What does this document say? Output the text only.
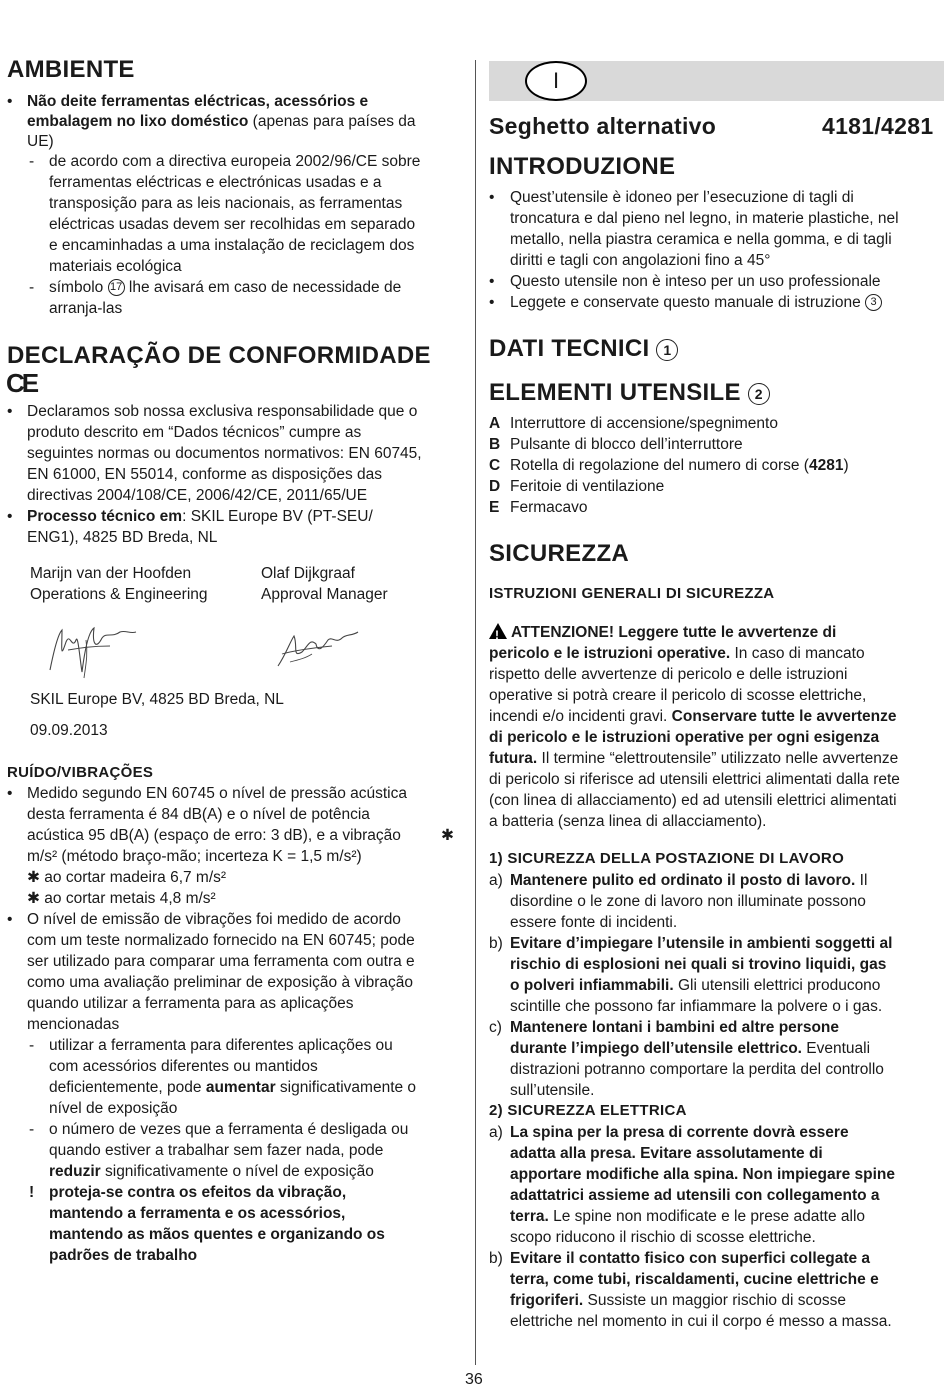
AMBIENTE
• Não deite ferramentas eléctricas, acessórios e
embalagem no lixo doméstico (apenas para países da
UE)
- de acordo com a directiva europeia 2002/96/CE sobre
ferramentas eléctricas e electrónicas usadas e a
transposição para as leis nacionais, as ferramentas
eléctricas usadas devem ser recolhidas em separado
e encaminhadas a uma instalação de reciclagem dos
materiais ecológica
- símbolo 17 lhe avisará em caso de necessidade de
arranja-las
DECLARAÇÃO DE CONFORMIDADE
CE
• Declaramos sob nossa exclusiva responsabilidade que o
produto descrito em “Dados técnicos” cumpre as
seguintes normas ou documentos normativos: EN 60745,
EN 61000, EN 55014, conforme as disposições das
directivas 2004/108/CE, 2006/42/CE, 2011/65/UE
• Processo técnico em: SKIL Europe BV (PT-SEU/
ENG1), 4825 BD Breda, NL
Marijn van der Hoofden
Operations & Engineering
Olaf Dijkgraaf
Approval Manager
SKIL Europe BV, 4825 BD Breda, NL
09.09.2013
RUÍDO/VIBRAÇÕES
• Medido segundo EN 60745 o nível de pressão acústica
desta ferramenta é 84 dB(A) e o nível de potência
acústica 95 dB(A) (espaço de erro: 3 dB), e a vibração	✱
m/s² (método braço-mão; incerteza K = 1,5 m/s²)
✱ ao cortar madeira 6,7 m/s²
✱ ao cortar metais 4,8 m/s²
• O nível de emissão de vibrações foi medido de acordo
com um teste normalizado fornecido na EN 60745; pode
ser utilizado para comparar uma ferramenta com outra e
como uma avaliação preliminar de exposição à vibração
quando utilizar a ferramenta para as aplicações
mencionadas
- utilizar a ferramenta para diferentes aplicações ou
com acessórios diferentes ou mantidos
deficientemente, pode aumentar significativamente o
nível de exposição
- o número de vezes que a ferramenta é desligada ou
quando estiver a trabalhar sem fazer nada, pode
reduzir significativamente o nível de exposição
! proteja-se contra os efeitos da vibração,
mantendo a ferramenta e os acessórios,
mantendo as mãos quentes e organizando os
padrões de trabalho
I
Seghetto alternativo	4181/4281
INTRODUZIONE
• Quest’utensile è idoneo per l’esecuzione di tagli di
troncatura e dal pieno nel legno, in materie plastiche, nel
metallo, nella piastra ceramica e nella gomma, e di tagli
diritti e tagli con angolazioni fino a 45°
• Questo utensile non è inteso per un uso professionale
• Leggete e conservate questo manuale di istruzione 3
DATI TECNICI 1
ELEMENTI UTENSILE 2
A Interruttore di accensione/spegnimento
B Pulsante di blocco dell’interruttore
C Rotella di regolazione del numero di corse (4281)
D Feritoie di ventilazione
E Fermacavo
SICUREZZA
ISTRUZIONI GENERALI DI SICUREZZA
!ATTENZIONE! Leggere tutte le avvertenze di
pericolo e le istruzioni operative. In caso di mancato
rispetto delle avvertenze di pericolo e delle istruzioni
operative si potrà creare il pericolo di scosse elettriche,
incendi e/o incidenti gravi. Conservare tutte le avvertenze
di pericolo e le istruzioni operative per ogni esigenza
futura. Il termine “elettroutensile” utilizzato nelle avvertenze
di pericolo si riferisce ad utensili elettrici alimentati dalla rete
(con linea di allacciamento) ed ad utensili elettrici alimentati
a batteria (senza linea di allacciamento).
1) SICUREZZA DELLA POSTAZIONE DI LAVORO
a) Mantenere pulito ed ordinato il posto di lavoro. Il
disordine o le zone di lavoro non illuminate possono
essere fonte di incidenti.
b) Evitare d’impiegare l’utensile in ambienti soggetti al
rischio di esplosioni nei quali si trovino liquidi, gas
o polveri infiammabili. Gli utensili elettrici producono
scintille che possono far infiammare la polvere o i gas.
c) Mantenere lontani i bambini ed altre persone
durante l’impiego dell’utensile elettrico. Eventuali
distrazioni potranno comportare la perdita del controllo
sull’utensile.
2) SICUREZZA ELETTRICA
a) La spina per la presa di corrente dovrà essere
adatta alla presa. Evitare assolutamente di
apportare modifiche alla spina. Non impiegare spine
adattatrici assieme ad utensili con collegamento a
terra. Le spine non modificate e le prese adatte allo
scopo riducono il rischio di scosse elettriche.
b) Evitare il contatto fisico con superfici collegate a
terra, come tubi, riscaldamenti, cucine elettriche e
frigoriferi. Sussiste un maggior rischio di scosse
elettriche nel momento in cui il corpo é messo a massa.
36
